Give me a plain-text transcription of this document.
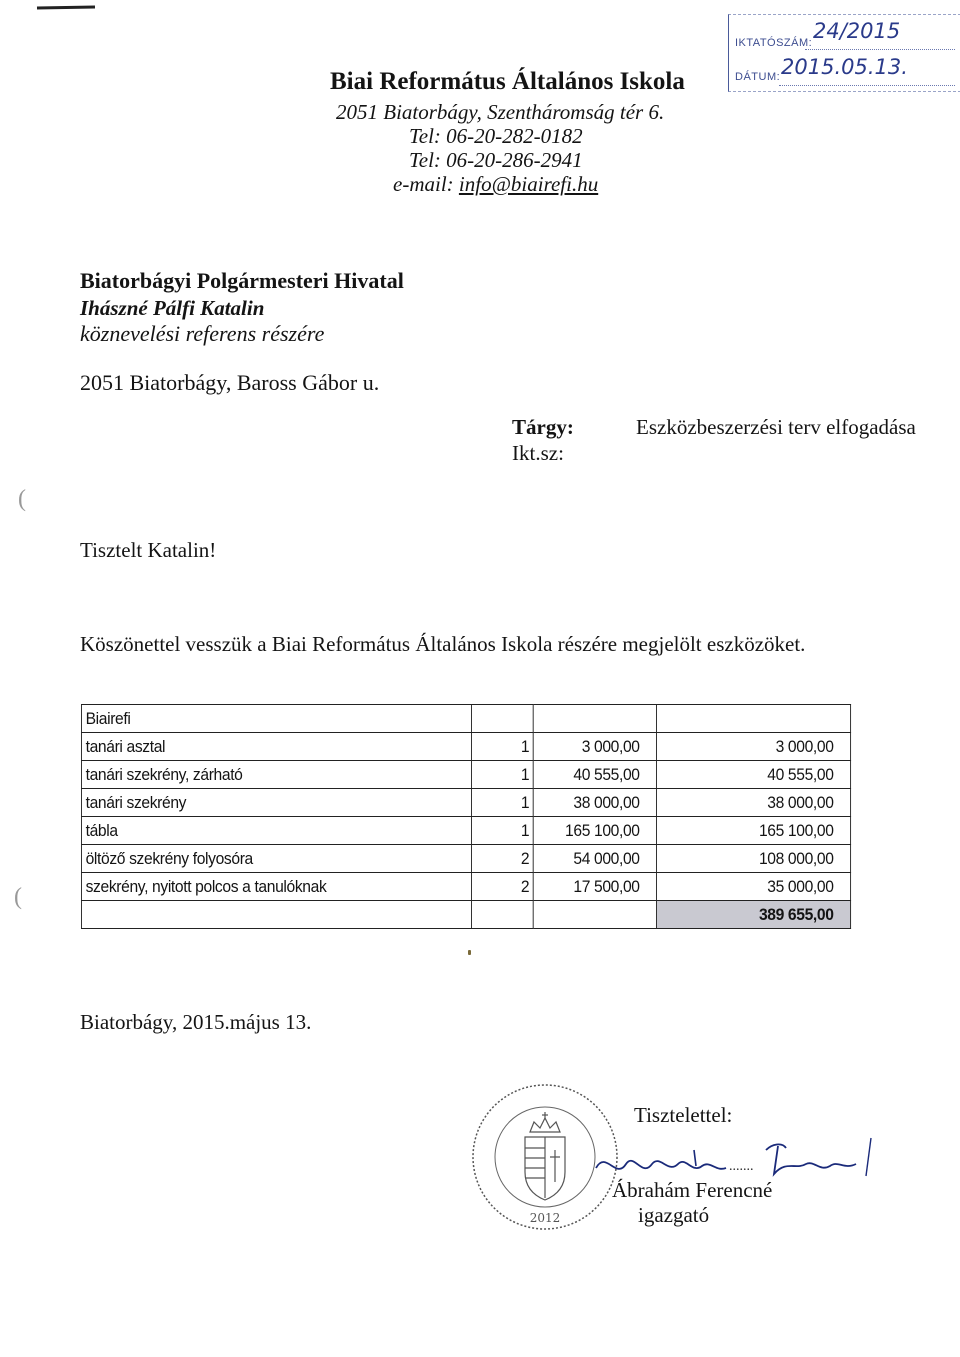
IKTATÓSZÁM: 24/2015
DÁTUM: 2015.05.13.
Biai Református Általános Iskola
2051 Biatorbágy, Szentháromság tér 6.
Tel: 06-20-282-0182
Tel: 06-20-286-2941
e-mail: info@biairefi.hu
Biatorbágyi Polgármesteri Hivatal
Ihászné Pálfi Katalin
köznevelési referens részére
2051 Biatorbágy, Baross Gábor u.
Tárgy:	Eszközbeszerzési terv elfogadása
Ikt.sz:
(
(
Tisztelt Katalin!
Köszönettel vesszük a Biai Református Általános Iskola részére megjelölt eszközöket.
Biairefi			
tanári asztal	1	3 000,00	3 000,00
tanári szekrény, zárható	1	40 555,00	40 555,00
tanári szekrény	1	38 000,00	38 000,00
tábla	1	165 100,00	165 100,00
öltöző szekrény folyosóra	2	54 000,00	108 000,00
szekrény, nyitott polcos a tanulóknak	2	17 500,00	35 000,00
			389 655,00
Biatorbágy, 2015.május 13.
2012
Tisztelettel:
.......
Ábrahám Ferencné
igazgató
